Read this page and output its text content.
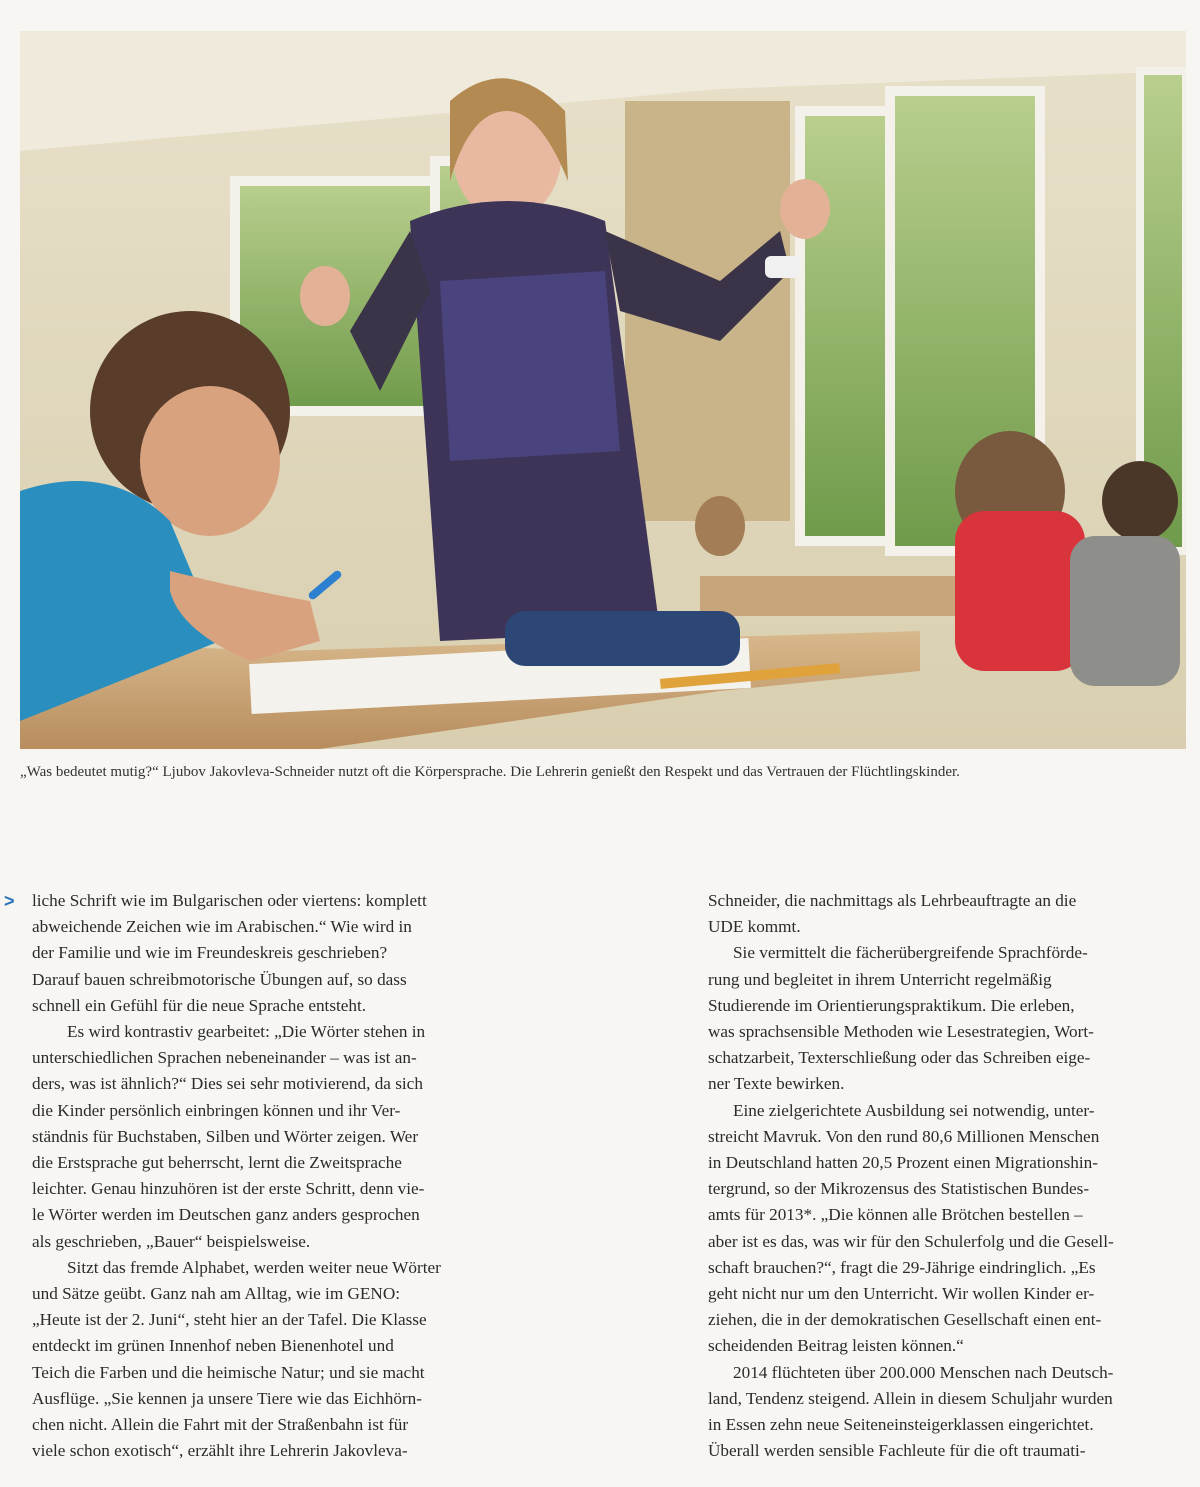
„Was bedeutet mutig?“ Ljubov Jakovleva-Schneider nutzt oft die Körpersprache. Die Lehrerin genießt den Respekt und das Vertrauen der Flüchtlingskinder.
>	liche Schrift wie im Bulgarischen oder viertens: komplett
abweichende Zeichen wie im Arabischen.“ Wie wird in
der Familie und wie im Freundeskreis geschrieben?
Darauf bauen schreibmotorische Übungen auf, so dass
schnell ein Gefühl für die neue Sprache entsteht.
Es wird kontrastiv gearbeitet: „Die Wörter stehen in
unterschiedlichen Sprachen nebeneinander – was ist an-
ders, was ist ähnlich?“ Dies sei sehr motivierend, da sich
die Kinder persönlich einbringen können und ihr Ver-
ständnis für Buchstaben, Silben und Wörter zeigen. Wer
die Erstsprache gut beherrscht, lernt die Zweitsprache
leichter. Genau hinzuhören ist der erste Schritt, denn vie-
le Wörter werden im Deutschen ganz anders gesprochen
als geschrieben, „Bauer“ beispielsweise.
Sitzt das fremde Alphabet, werden weiter neue Wörter
und Sätze geübt. Ganz nah am Alltag, wie im GENO:
„Heute ist der 2. Juni“, steht hier an der Tafel. Die Klasse
entdeckt im grünen Innenhof neben Bienenhotel und
Teich die Farben und die heimische Natur; und sie macht
Ausflüge. „Sie kennen ja unsere Tiere wie das Eichhörn-
chen nicht. Allein die Fahrt mit der Straßenbahn ist für
viele schon exotisch“, erzählt ihre Lehrerin Jakovleva-
Schneider, die nachmittags als Lehrbeauftragte an die
UDE kommt.
Sie vermittelt die fächerübergreifende Sprachförde-
rung und begleitet in ihrem Unterricht regelmäßig
Studierende im Orientierungspraktikum. Die erleben,
was sprachsensible Methoden wie Lesestrategien, Wort-
schatzarbeit, Texterschließung oder das Schreiben eige-
ner Texte bewirken.
Eine zielgerichtete Ausbildung sei notwendig, unter-
streicht Mavruk. Von den rund 80,6 Millionen Menschen
in Deutschland hatten 20,5 Prozent einen Migrationshin-
tergrund, so der Mikrozensus des Statistischen Bundes-
amts für 2013*. „Die können alle Brötchen bestellen –
aber ist es das, was wir für den Schulerfolg und die Gesell-
schaft brauchen?“, fragt die 29-Jährige eindringlich. „Es
geht nicht nur um den Unterricht. Wir wollen Kinder er-
ziehen, die in der demokratischen Gesellschaft einen ent-
scheidenden Beitrag leisten können.“
2014 flüchteten über 200.000 Menschen nach Deutsch-
land, Tendenz steigend. Allein in diesem Schuljahr wurden
in Essen zehn neue Seiteneinsteigerklassen eingerichtet.
Überall werden sensible Fachleute für die oft traumati-
